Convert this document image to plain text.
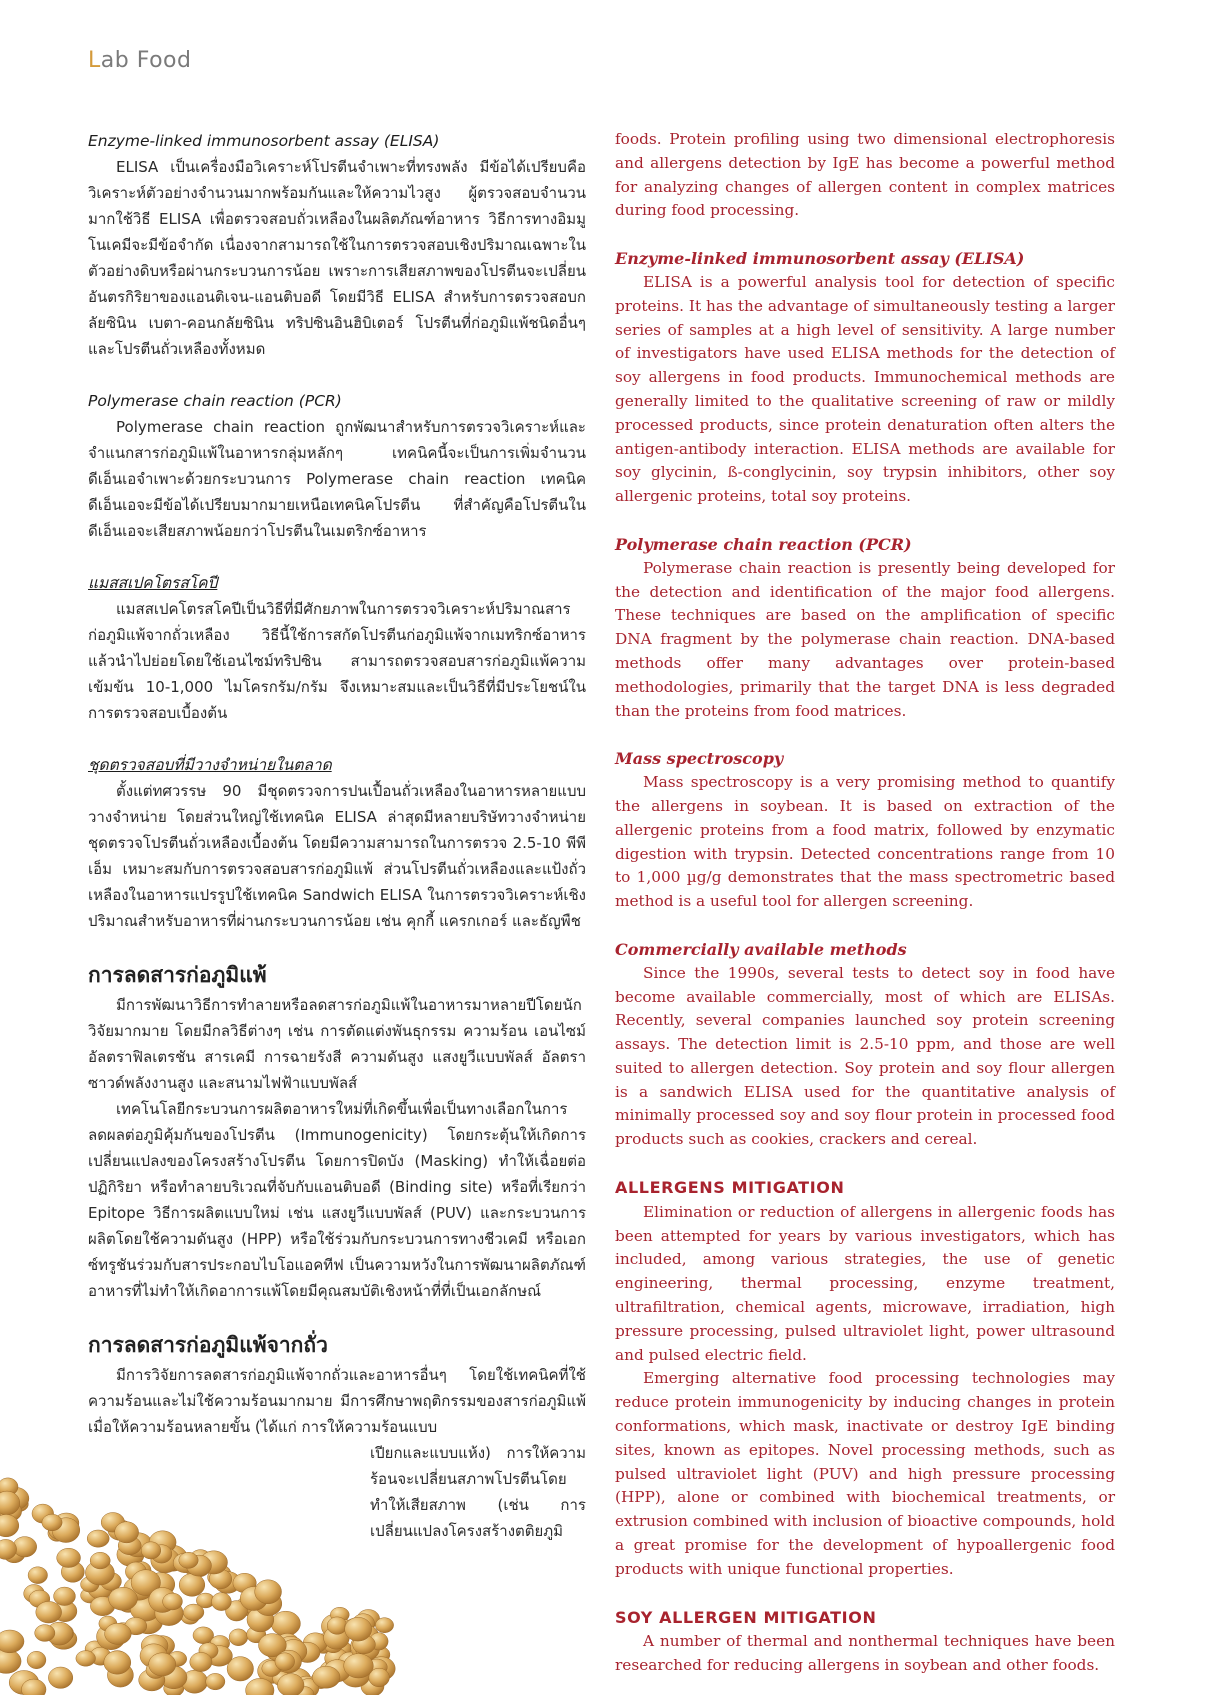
Lab Food
Enzyme-linked immunosorbent assay (ELISA)

ELISA เป็นเครื่องมือวิเคราะห์โปรตีนจำเพาะที่ทรงพลัง มีข้อได้เปรียบคือวิเคราะห์ตัวอย่างจำนวนมากพร้อมกันและให้ความไวสูง ผู้ตรวจสอบจำนวนมากใช้วิธี ELISA เพื่อตรวจสอบถั่วเหลืองในผลิตภัณฑ์อาหาร วิธีการทางอิมมูโนเคมีจะมีข้อจำกัด เนื่องจากสามารถใช้ในการตรวจสอบเชิงปริมาณเฉพาะในตัวอย่างดิบหรือผ่านกระบวนการน้อย เพราะการเสียสภาพของโปรตีนจะเปลี่ยนอันตรกิริยาของแอนติเจน-แอนติบอดี โดยมีวิธี ELISA สำหรับการตรวจสอบกลัยซินิน เบตา-คอนกลัยซินิน ทริปซินอินฮิบิเตอร์ โปรตีนที่ก่อภูมิแพ้ชนิดอื่นๆ และโปรตีนถั่วเหลืองทั้งหมด

Polymerase chain reaction (PCR)

Polymerase chain reaction ถูกพัฒนาสำหรับการตรวจวิเคราะห์และจำแนกสารก่อภูมิแพ้ในอาหารกลุ่มหลักๆ เทคนิคนี้จะเป็นการเพิ่มจำนวนดีเอ็นเอจำเพาะด้วยกระบวนการ Polymerase chain reaction เทคนิคดีเอ็นเอจะมีข้อได้เปรียบมากมายเหนือเทคนิคโปรตีน ที่สำคัญคือโปรตีนในดีเอ็นเอจะเสียสภาพน้อยกว่าโปรตีนในเมตริกซ์อาหาร

แมสสเปคโตรสโคปี

แมสสเปคโตรสโคปีเป็นวิธีที่มีศักยภาพในการตรวจวิเคราะห์ปริมาณสารก่อภูมิแพ้จากถั่วเหลือง วิธีนี้ใช้การสกัดโปรตีนก่อภูมิแพ้จากเมทริกซ์อาหาร แล้วนำไปย่อยโดยใช้เอนไซม์ทริปซิน สามารถตรวจสอบสารก่อภูมิแพ้ความเข้มข้น 10-1,000 ไมโครกรัม/กรัม จึงเหมาะสมและเป็นวิธีที่มีประโยชน์ในการตรวจสอบเบื้องต้น

ชุดตรวจสอบที่มีวางจำหน่ายในตลาด

ตั้งแต่ทศวรรษ 90 มีชุดตรวจการปนเปื้อนถั่วเหลืองในอาหารหลายแบบวางจำหน่าย โดยส่วนใหญ่ใช้เทคนิค ELISA ล่าสุดมีหลายบริษัทวางจำหน่ายชุดตรวจโปรตีนถั่วเหลืองเบื้องต้น โดยมีความสามารถในการตรวจ 2.5-10 พีพีเอ็ม เหมาะสมกับการตรวจสอบสารก่อภูมิแพ้ ส่วนโปรตีนถั่วเหลืองและแป้งถั่วเหลืองในอาหารแปรรูปใช้เทคนิค Sandwich ELISA ในการตรวจวิเคราะห์เชิงปริมาณสำหรับอาหารที่ผ่านกระบวนการน้อย เช่น คุกกี้ แครกเกอร์ และธัญพืช

การลดสารก่อภูมิแพ้

มีการพัฒนาวิธีการทำลายหรือลดสารก่อภูมิแพ้ในอาหารมาหลายปีโดยนักวิจัยมากมาย โดยมีกลวิธีต่างๆ เช่น การตัดแต่งพันธุกรรม ความร้อน เอนไซม์ อัลตราฟิลเตรชัน สารเคมี การฉายรังสี ความดันสูง แสงยูวีแบบพัลส์ อัลตราซาวด์พลังงานสูง และสนามไฟฟ้าแบบพัลส์

เทคโนโลยีกระบวนการผลิตอาหารใหม่ที่เกิดขึ้นเพื่อเป็นทางเลือกในการลดผลต่อภูมิคุ้มกันของโปรตีน (Immunogenicity) โดยกระตุ้นให้เกิดการเปลี่ยนแปลงของโครงสร้างโปรตีน โดยการปิดบัง (Masking) ทำให้เฉื่อยต่อปฏิกิริยา หรือทำลายบริเวณที่จับกับแอนติบอดี (Binding site) หรือที่เรียกว่า Epitope วิธีการผลิตแบบใหม่ เช่น แสงยูวีแบบพัลส์ (PUV) และกระบวนการผลิตโดยใช้ความดันสูง (HPP) หรือใช้ร่วมกับกระบวนการทางชีวเคมี หรือเอกซ์ทรูชันร่วมกับสารประกอบไบโอแอคทีฟ เป็นความหวังในการพัฒนาผลิตภัณฑ์อาหารที่ไม่ทำให้เกิดอาการแพ้โดยมีคุณสมบัติเชิงหน้าที่ที่เป็นเอกลักษณ์

การลดสารก่อภูมิแพ้จากถั่ว

มีการวิจัยการลดสารก่อภูมิแพ้จากถั่วและอาหารอื่นๆ โดยใช้เทคนิคที่ใช้ความร้อนและไม่ใช้ความร้อนมากมาย มีการศึกษาพฤติกรรมของสารก่อภูมิแพ้เมื่อให้ความร้อนหลายขั้น (ได้แก่ การให้ความร้อนแบบ

เปียกและแบบแห้ง) การให้ความร้อนจะเปลี่ยนสภาพโปรตีนโดยทำให้เสียสภาพ (เช่น การเปลี่ยนแปลงโครงสร้างตติยภูมิ

foods. Protein profiling using two dimensional electrophoresis and allergens detection by IgE has become a powerful method for analyzing changes of allergen content in complex matrices during food processing.

Enzyme-linked immunosorbent assay (ELISA)

ELISA is a powerful analysis tool for detection of specific proteins. It has the advantage of simultaneously testing a larger series of samples at a high level of sensitivity. A large number of investigators have used ELISA methods for the detection of soy allergens in food products. Immunochemical methods are generally limited to the qualitative screening of raw or mildly processed products, since protein denaturation often alters the antigen-antibody interaction. ELISA methods are available for soy glycinin, ß-conglycinin, soy trypsin inhibitors, other soy allergenic proteins, total soy proteins.

Polymerase chain reaction (PCR)

Polymerase chain reaction is presently being developed for the detection and identification of the major food allergens. These techniques are based on the amplification of specific DNA fragment by the polymerase chain reaction. DNA-based methods offer many advantages over protein-based methodologies, primarily that the target DNA is less degraded than the proteins from food matrices.

Mass spectroscopy

Mass spectroscopy is a very promising method to quantify the allergens in soybean. It is based on extraction of the allergenic proteins from a food matrix, followed by enzymatic digestion with trypsin. Detected concentrations range from 10 to 1,000 µg/g demonstrates that the mass spectrometric based method is a useful tool for allergen screening.

Commercially available methods

Since the 1990s, several tests to detect soy in food have become available commercially, most of which are ELISAs. Recently, several companies launched soy protein screening assays. The detection limit is 2.5-10 ppm, and those are well suited to allergen detection. Soy protein and soy flour allergen is a sandwich ELISA used for the quantitative analysis of minimally processed soy and soy flour protein in processed food products such as cookies, crackers and cereal.

ALLERGENS MITIGATION

Elimination or reduction of allergens in allergenic foods has been attempted for years by various investigators, which has included, among various strategies, the use of genetic engineering, thermal processing, enzyme treatment, ultrafiltration, chemical agents, microwave, irradiation, high pressure processing, pulsed ultraviolet light, power ultrasound and pulsed electric field.

Emerging alternative food processing technologies may reduce protein immunogenicity by inducing changes in protein conformations, which mask, inactivate or destroy IgE binding sites, known as epitopes. Novel processing methods, such as pulsed ultraviolet light (PUV) and high pressure processing (HPP), alone or combined with biochemical treatments, or extrusion combined with inclusion of bioactive compounds, hold a great promise for the development of hypoallergenic food products with unique functional properties.

SOY ALLERGEN MITIGATION

A number of thermal and nonthermal techniques have been researched for reducing allergens in soybean and other foods.
